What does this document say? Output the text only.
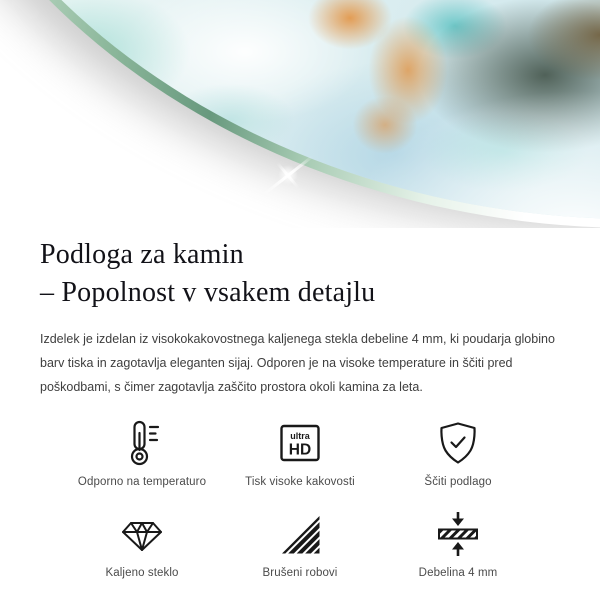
Podloga za kamin
– Popolnost v vsakem detajlu

Izdelek je izdelan iz visokokakovostnega kaljenega stekla debeline 4 mm, ki poudarja globino barv tiska in zagotavlja eleganten sijaj. Odporen je na visoke temperature in ščiti pred poškodbami, s čimer zagotavlja zaščito prostora okoli kamina za leta.

Odporno na temperaturo
ultra
HD
Tisk visoke kakovosti	Ščiti podlago
Kaljeno steklo	Brušeni robovi	Debelina 4 mm
